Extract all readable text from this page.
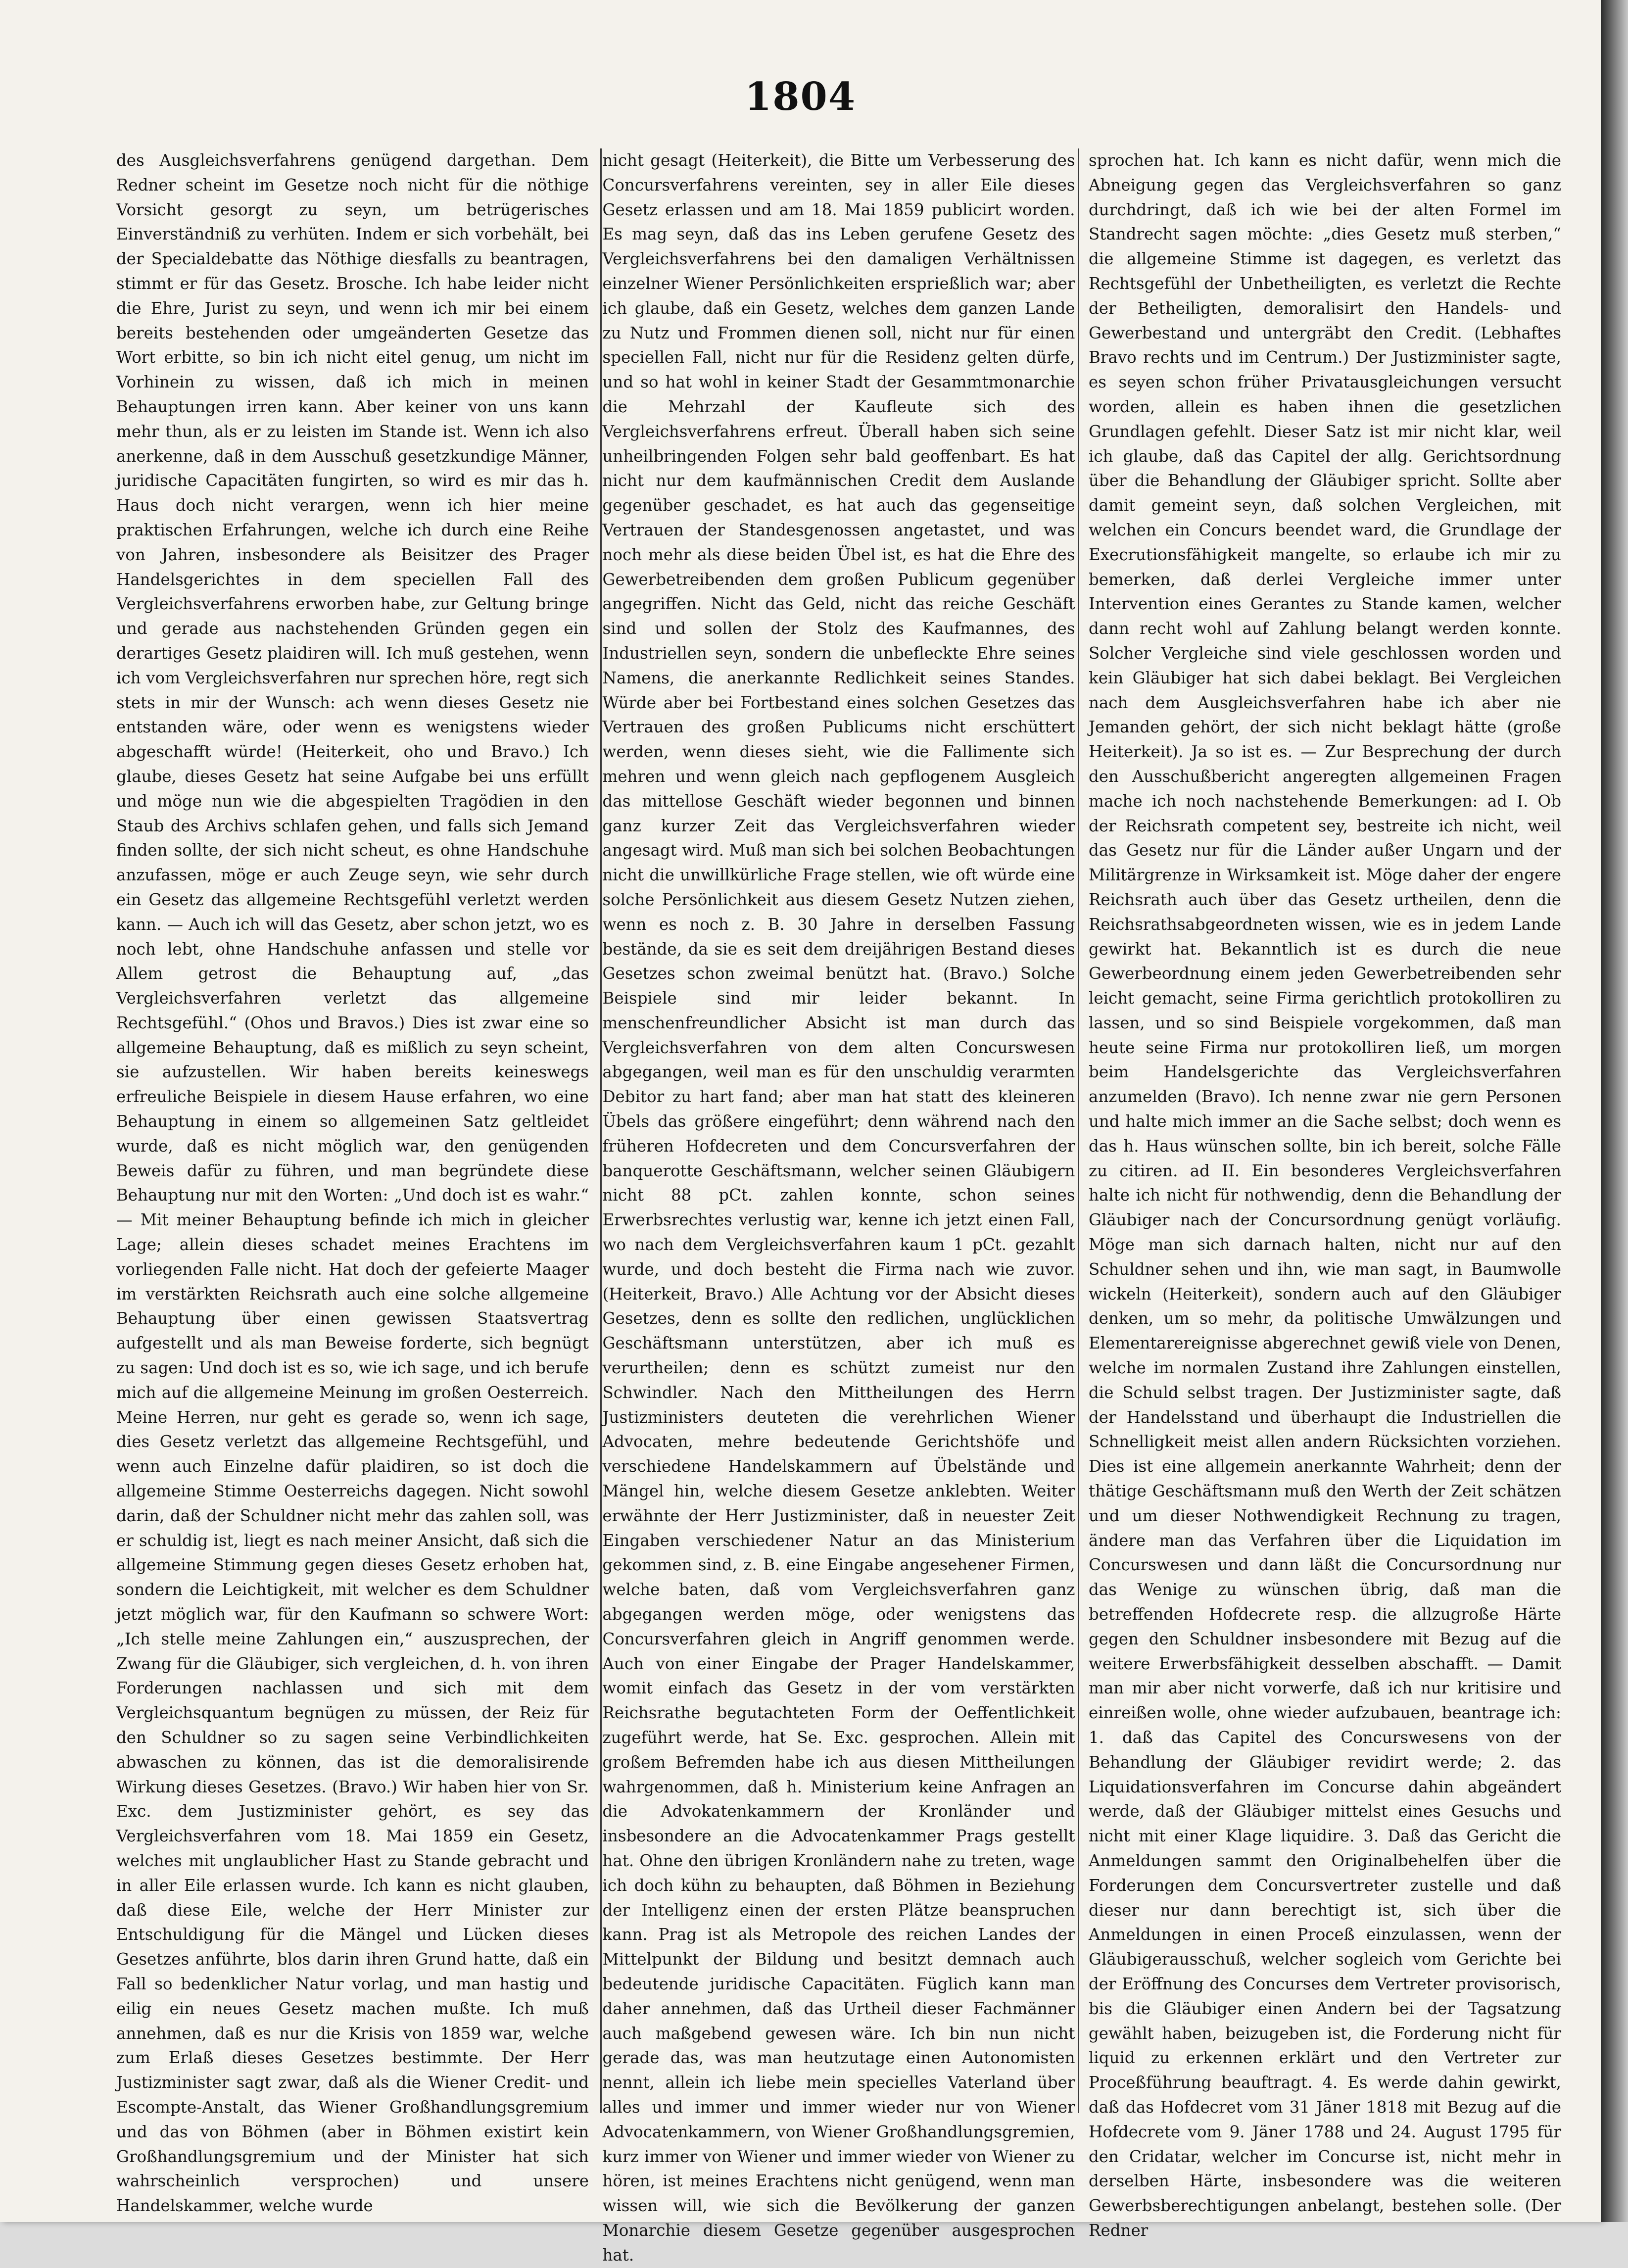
1804
des Ausgleichsverfahrens genügend dargethan. Dem Redner scheint im Gesetze noch nicht für die nöthige Vorsicht gesorgt zu seyn, um betrügerisches Einverständniß zu verhüten. Indem er sich vorbehält, bei der Specialdebatte das Nöthige diesfalls zu beantragen, stimmt er für das Gesetz. Brosche. Ich habe leider nicht die Ehre, Jurist zu seyn, und wenn ich mir bei einem bereits bestehenden oder umgeänderten Gesetze das Wort erbitte, so bin ich nicht eitel genug, um nicht im Vorhinein zu wissen, daß ich mich in meinen Behauptungen irren kann. Aber keiner von uns kann mehr thun, als er zu leisten im Stande ist. Wenn ich also anerkenne, daß in dem Ausschuß gesetzkundige Männer, juridische Capacitäten fungirten, so wird es mir das h. Haus doch nicht verargen, wenn ich hier meine praktischen Erfahrungen, welche ich durch eine Reihe von Jahren, insbesondere als Beisitzer des Prager Handelsgerichtes in dem speciellen Fall des Vergleichsverfahrens erworben habe, zur Geltung bringe und gerade aus nachstehenden Gründen gegen ein derartiges Gesetz plaidiren will. Ich muß gestehen, wenn ich vom Vergleichsverfahren nur sprechen höre, regt sich stets in mir der Wunsch: ach wenn dieses Gesetz nie entstanden wäre, oder wenn es wenigstens wieder abgeschafft würde! (Heiterkeit, oho und Bravo.) Ich glaube, dieses Gesetz hat seine Aufgabe bei uns erfüllt und möge nun wie die abgespielten Tragödien in den Staub des Archivs schlafen gehen, und falls sich Jemand finden sollte, der sich nicht scheut, es ohne Handschuhe anzufassen, möge er auch Zeuge seyn, wie sehr durch ein Gesetz das allgemeine Rechtsgefühl verletzt werden kann. — Auch ich will das Gesetz, aber schon jetzt, wo es noch lebt, ohne Handschuhe anfassen und stelle vor Allem getrost die Behauptung auf, „das Vergleichsverfahren verletzt das allgemeine Rechtsgefühl.“ (Ohos und Bravos.) Dies ist zwar eine so allgemeine Behauptung, daß es mißlich zu seyn scheint, sie aufzustellen. Wir haben bereits keineswegs erfreuliche Beispiele in diesem Hause erfahren, wo eine Behauptung in einem so allgemeinen Satz geltleidet wurde, daß es nicht möglich war, den genügenden Beweis dafür zu führen, und man begründete diese Behauptung nur mit den Worten: „Und doch ist es wahr.“ — Mit meiner Behauptung befinde ich mich in gleicher Lage; allein dieses schadet meines Erachtens im vorliegenden Falle nicht. Hat doch der gefeierte Maager im verstärkten Reichsrath auch eine solche allgemeine Behauptung über einen gewissen Staatsvertrag aufgestellt und als man Beweise forderte, sich begnügt zu sagen: Und doch ist es so, wie ich sage, und ich berufe mich auf die allgemeine Meinung im großen Oesterreich. Meine Herren, nur geht es gerade so, wenn ich sage, dies Gesetz verletzt das allgemeine Rechtsgefühl, und wenn auch Einzelne dafür plaidiren, so ist doch die allgemeine Stimme Oesterreichs dagegen. Nicht sowohl darin, daß der Schuldner nicht mehr das zahlen soll, was er schuldig ist, liegt es nach meiner Ansicht, daß sich die allgemeine Stimmung gegen dieses Gesetz erhoben hat, sondern die Leichtigkeit, mit welcher es dem Schuldner jetzt möglich war, für den Kaufmann so schwere Wort: „Ich stelle meine Zahlungen ein,“ auszusprechen, der Zwang für die Gläubiger, sich vergleichen, d. h. von ihren Forderungen nachlassen und sich mit dem Vergleichsquantum begnügen zu müssen, der Reiz für den Schuldner so zu sagen seine Verbindlichkeiten abwaschen zu können, das ist die demoralisirende Wirkung dieses Gesetzes. (Bravo.) Wir haben hier von Sr. Exc. dem Justizminister gehört, es sey das Vergleichsverfahren vom 18. Mai 1859 ein Gesetz, welches mit unglaublicher Hast zu Stande gebracht und in aller Eile erlassen wurde. Ich kann es nicht glauben, daß diese Eile, welche der Herr Minister zur Entschuldigung für die Mängel und Lücken dieses Gesetzes anführte, blos darin ihren Grund hatte, daß ein Fall so bedenklicher Natur vorlag, und man hastig und eilig ein neues Gesetz machen mußte. Ich muß annehmen, daß es nur die Krisis von 1859 war, welche zum Erlaß dieses Gesetzes bestimmte. Der Herr Justizminister sagt zwar, daß als die Wiener Credit- und Escompte-Anstalt, das Wiener Großhandlungsgremium und das von Böhmen (aber in Böhmen existirt kein Großhandlungsgremium und der Minister hat sich wahrscheinlich versprochen) und unsere Handelskammer, welche wurde
nicht gesagt (Heiterkeit), die Bitte um Verbesserung des Concursverfahrens vereinten, sey in aller Eile dieses Gesetz erlassen und am 18. Mai 1859 publicirt worden. Es mag seyn, daß das ins Leben gerufene Gesetz des Vergleichsverfahrens bei den damaligen Verhältnissen einzelner Wiener Persönlichkeiten ersprießlich war; aber ich glaube, daß ein Gesetz, welches dem ganzen Lande zu Nutz und Frommen dienen soll, nicht nur für einen speciellen Fall, nicht nur für die Residenz gelten dürfe, und so hat wohl in keiner Stadt der Gesammtmonarchie die Mehrzahl der Kaufleute sich des Vergleichsverfahrens erfreut. Überall haben sich seine unheilbringenden Folgen sehr bald geoffenbart. Es hat nicht nur dem kaufmännischen Credit dem Auslande gegenüber geschadet, es hat auch das gegenseitige Vertrauen der Standesgenossen angetastet, und was noch mehr als diese beiden Übel ist, es hat die Ehre des Gewerbetreibenden dem großen Publicum gegenüber angegriffen. Nicht das Geld, nicht das reiche Geschäft sind und sollen der Stolz des Kaufmannes, des Industriellen seyn, sondern die unbefleckte Ehre seines Namens, die anerkannte Redlichkeit seines Standes. Würde aber bei Fortbestand eines solchen Gesetzes das Vertrauen des großen Publicums nicht erschüttert werden, wenn dieses sieht, wie die Fallimente sich mehren und wenn gleich nach gepflogenem Ausgleich das mittellose Geschäft wieder begonnen und binnen ganz kurzer Zeit das Vergleichsverfahren wieder angesagt wird. Muß man sich bei solchen Beobachtungen nicht die unwillkürliche Frage stellen, wie oft würde eine solche Persönlichkeit aus diesem Gesetz Nutzen ziehen, wenn es noch z. B. 30 Jahre in derselben Fassung bestände, da sie es seit dem dreijährigen Bestand dieses Gesetzes schon zweimal benützt hat. (Bravo.) Solche Beispiele sind mir leider bekannt. In menschenfreundlicher Absicht ist man durch das Vergleichsverfahren von dem alten Concurswesen abgegangen, weil man es für den unschuldig verarmten Debitor zu hart fand; aber man hat statt des kleineren Übels das größere eingeführt; denn während nach den früheren Hofdecreten und dem Concursverfahren der banquerotte Geschäftsmann, welcher seinen Gläubigern nicht 88 pCt. zahlen konnte, schon seines Erwerbsrechtes verlustig war, kenne ich jetzt einen Fall, wo nach dem Vergleichsverfahren kaum 1 pCt. gezahlt wurde, und doch besteht die Firma nach wie zuvor. (Heiterkeit, Bravo.) Alle Achtung vor der Absicht dieses Gesetzes, denn es sollte den redlichen, unglücklichen Geschäftsmann unterstützen, aber ich muß es verurtheilen; denn es schützt zumeist nur den Schwindler. Nach den Mittheilungen des Herrn Justizministers deuteten die verehrlichen Wiener Advocaten, mehre bedeutende Gerichtshöfe und verschiedene Handelskammern auf Übelstände und Mängel hin, welche diesem Gesetze anklebten. Weiter erwähnte der Herr Justizminister, daß in neuester Zeit Eingaben verschiedener Natur an das Ministerium gekommen sind, z. B. eine Eingabe angesehener Firmen, welche baten, daß vom Vergleichsverfahren ganz abgegangen werden möge, oder wenigstens das Concursverfahren gleich in Angriff genommen werde. Auch von einer Eingabe der Prager Handelskammer, womit einfach das Gesetz in der vom verstärkten Reichsrathe begutachteten Form der Oeffentlichkeit zugeführt werde, hat Se. Exc. gesprochen. Allein mit großem Befremden habe ich aus diesen Mittheilungen wahrgenommen, daß h. Ministerium keine Anfragen an die Advokatenkammern der Kronländer und insbesondere an die Advocatenkammer Prags gestellt hat. Ohne den übrigen Kronländern nahe zu treten, wage ich doch kühn zu behaupten, daß Böhmen in Beziehung der Intelligenz einen der ersten Plätze beanspruchen kann. Prag ist als Metropole des reichen Landes der Mittelpunkt der Bildung und besitzt demnach auch bedeutende juridische Capacitäten. Füglich kann man daher annehmen, daß das Urtheil dieser Fachmänner auch maßgebend gewesen wäre. Ich bin nun nicht gerade das, was man heutzutage einen Autonomisten nennt, allein ich liebe mein specielles Vaterland über alles und immer und immer wieder nur von Wiener Advocatenkammern, von Wiener Großhandlungsgremien, kurz immer von Wiener und immer wieder von Wiener zu hören, ist meines Erachtens nicht genügend, wenn man wissen will, wie sich die Bevölkerung der ganzen Monarchie diesem Gesetze gegenüber ausgesprochen hat.
sprochen hat. Ich kann es nicht dafür, wenn mich die Abneigung gegen das Vergleichsverfahren so ganz durchdringt, daß ich wie bei der alten Formel im Standrecht sagen möchte: „dies Gesetz muß sterben,“ die allgemeine Stimme ist dagegen, es verletzt das Rechtsgefühl der Unbetheiligten, es verletzt die Rechte der Betheiligten, demoralisirt den Handels- und Gewerbestand und untergräbt den Credit. (Lebhaftes Bravo rechts und im Centrum.) Der Justizminister sagte, es seyen schon früher Privatausgleichungen versucht worden, allein es haben ihnen die gesetzlichen Grundlagen gefehlt. Dieser Satz ist mir nicht klar, weil ich glaube, daß das Capitel der allg. Gerichtsordnung über die Behandlung der Gläubiger spricht. Sollte aber damit gemeint seyn, daß solchen Vergleichen, mit welchen ein Concurs beendet ward, die Grundlage der Execrutionsfähigkeit mangelte, so erlaube ich mir zu bemerken, daß derlei Vergleiche immer unter Intervention eines Gerantes zu Stande kamen, welcher dann recht wohl auf Zahlung belangt werden konnte. Solcher Vergleiche sind viele geschlossen worden und kein Gläubiger hat sich dabei beklagt. Bei Vergleichen nach dem Ausgleichsverfahren habe ich aber nie Jemanden gehört, der sich nicht beklagt hätte (große Heiterkeit). Ja so ist es. — Zur Besprechung der durch den Ausschußbericht angeregten allgemeinen Fragen mache ich noch nachstehende Bemerkungen: ad I. Ob der Reichsrath competent sey, bestreite ich nicht, weil das Gesetz nur für die Länder außer Ungarn und der Militärgrenze in Wirksamkeit ist. Möge daher der engere Reichsrath auch über das Gesetz urtheilen, denn die Reichsrathsabgeordneten wissen, wie es in jedem Lande gewirkt hat. Bekanntlich ist es durch die neue Gewerbeordnung einem jeden Gewerbetreibenden sehr leicht gemacht, seine Firma gerichtlich protokolliren zu lassen, und so sind Beispiele vorgekommen, daß man heute seine Firma nur protokolliren ließ, um morgen beim Handelsgerichte das Vergleichsverfahren anzumelden (Bravo). Ich nenne zwar nie gern Personen und halte mich immer an die Sache selbst; doch wenn es das h. Haus wünschen sollte, bin ich bereit, solche Fälle zu citiren. ad II. Ein besonderes Vergleichsverfahren halte ich nicht für nothwendig, denn die Behandlung der Gläubiger nach der Concursordnung genügt vorläufig. Möge man sich darnach halten, nicht nur auf den Schuldner sehen und ihn, wie man sagt, in Baumwolle wickeln (Heiterkeit), sondern auch auf den Gläubiger denken, um so mehr, da politische Umwälzungen und Elementarereignisse abgerechnet gewiß viele von Denen, welche im normalen Zustand ihre Zahlungen einstellen, die Schuld selbst tragen. Der Justizminister sagte, daß der Handelsstand und überhaupt die Industriellen die Schnelligkeit meist allen andern Rücksichten vorziehen. Dies ist eine allgemein anerkannte Wahrheit; denn der thätige Geschäftsmann muß den Werth der Zeit schätzen und um dieser Nothwendigkeit Rechnung zu tragen, ändere man das Verfahren über die Liquidation im Concurswesen und dann läßt die Concursordnung nur das Wenige zu wünschen übrig, daß man die betreffenden Hofdecrete resp. die allzugroße Härte gegen den Schuldner insbesondere mit Bezug auf die weitere Erwerbsfähigkeit desselben abschafft. — Damit man mir aber nicht vorwerfe, daß ich nur kritisire und einreißen wolle, ohne wieder aufzubauen, beantrage ich: 1. daß das Capitel des Concurswesens von der Behandlung der Gläubiger revidirt werde; 2. das Liquidationsverfahren im Concurse dahin abgeändert werde, daß der Gläubiger mittelst eines Gesuchs und nicht mit einer Klage liquidire. 3. Daß das Gericht die Anmeldungen sammt den Originalbehelfen über die Forderungen dem Concursvertreter zustelle und daß dieser nur dann berechtigt ist, sich über die Anmeldungen in einen Proceß einzulassen, wenn der Gläubigerausschuß, welcher sogleich vom Gerichte bei der Eröffnung des Concurses dem Vertreter provisorisch, bis die Gläubiger einen Andern bei der Tagsatzung gewählt haben, beizugeben ist, die Forderung nicht für liquid zu erkennen erklärt und den Vertreter zur Proceßführung beauftragt. 4. Es werde dahin gewirkt, daß das Hofdecret vom 31 Jäner 1818 mit Bezug auf die Hofdecrete vom 9. Jäner 1788 und 24. August 1795 für den Cridatar, welcher im Concurse ist, nicht mehr in derselben Härte, insbesondere was die weiteren Gewerbsberechtigungen anbelangt, bestehen solle. (Der Redner
